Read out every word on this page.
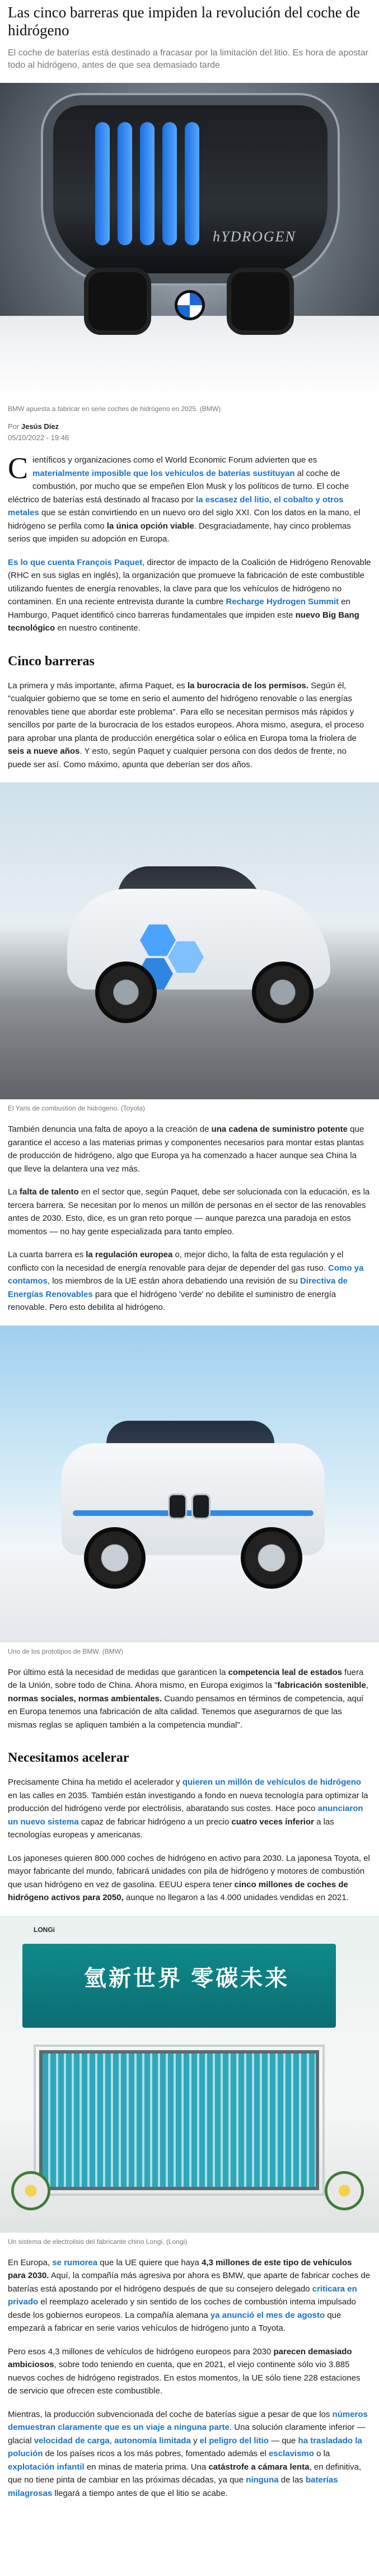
Las cinco barreras que impiden la revolución del coche de hidrógeno
El coche de baterías está destinado a fracasar por la limitación del litio. Es hora de apostar todo al hidrógeno, antes de que sea demasiado tarde
hYDROGEN
BMW apuesta a fabricar en serie coches de hidrógeno en 2025. (BMW)
Por Jesús Díez
05/10/2022 - 19:46

Científicos y organizaciones como el World Economic Forum advierten que es materialmente imposible que los vehículos de baterías sustituyan al coche de combustión, por mucho que se empeñen Elon Musk y los políticos de turno. El coche eléctrico de baterías está destinado al fracaso por la escasez del litio, el cobalto y otros metales que se están convirtiendo en un nuevo oro del siglo XXI. Con los datos en la mano, el hidrógeno se perfila como la única opción viable. Desgraciadamente, hay cinco problemas serios que impiden su adopción en Europa.

Es lo que cuenta François Paquet, director de impacto de la Coalición de Hidrógeno Renovable (RHC en sus siglas en inglés), la organización que promueve la fabricación de este combustible utilizando fuentes de energía renovables, la clave para que los vehículos de hidrógeno no contaminen. En una reciente entrevista durante la cumbre Recharge Hydrogen Summit en Hamburgo, Paquet identificó cinco barreras fundamentales que impiden este nuevo Big Bang tecnológico en nuestro continente.

Cinco barreras

La primera y más importante, afirma Paquet, es la burocracia de los permisos. Según él, "cualquier gobierno que se tome en serio el aumento del hidrógeno renovable o las energías renovables tiene que abordar este problema". Para ello se necesitan permisos más rápidos y sencillos por parte de la burocracia de los estados europeos. Ahora mismo, asegura, el proceso para aprobar una planta de producción energética solar o eólica en Europa toma la friolera de seis a nueve años. Y esto, según Paquet y cualquier persona con dos dedos de frente, no puede ser así. Como máximo, apunta que deberían ser dos años.

El Yaris de combustión de hidrógeno. (Toyota)

También denuncia una falta de apoyo a la creación de una cadena de suministro potente que garantice el acceso a las materias primas y componentes necesarios para montar estas plantas de producción de hidrógeno, algo que Europa ya ha comenzado a hacer aunque sea China la que lleve la delantera una vez más.

La falta de talento en el sector que, según Paquet, debe ser solucionada con la educación, es la tercera barrera. Se necesitan por lo menos un millón de personas en el sector de las renovables antes de 2030. Esto, dice, es un gran reto porque — aunque parezca una paradoja en estos momentos — no hay gente especializada para tanto empleo.

La cuarta barrera es la regulación europea o, mejor dicho, la falta de esta regulación y el conflicto con la necesidad de energía renovable para dejar de depender del gas ruso. Como ya contamos, los miembros de la UE están ahora debatiendo una revisión de su Directiva de Energías Renovables para que el hidrógeno 'verde' no debilite el suministro de energía renovable. Pero esto debilita al hidrógeno.

Uno de los prototipos de BMW. (BMW)

Por último está la necesidad de medidas que garanticen la competencia leal de estados fuera de la Unión, sobre todo de China. Ahora mismo, en Europa exigimos la "fabricación sostenible, normas sociales, normas ambientales. Cuando pensamos en términos de competencia, aquí en Europa tenemos una fabricación de alta calidad. Tenemos que asegurarnos de que las mismas reglas se apliquen también a la competencia mundial".

Necesitamos acelerar

Precisamente China ha metido el acelerador y quieren un millón de vehículos de hidrógeno en las calles en 2035. También están investigando a fondo en nueva tecnología para optimizar la producción del hidrógeno verde por electrólisis, abaratando sus costes. Hace poco anunciaron un nuevo sistema capaz de fabricar hidrógeno a un precio cuatro veces inferior a las tecnologías europeas y americanas.

Los japoneses quieren 800.000 coches de hidrógeno en activo para 2030. La japonesa Toyota, el mayor fabricante del mundo, fabricará unidades con pila de hidrógeno y motores de combustión que usan hidrógeno en vez de gasolina. EEUU espera tener cinco millones de coches de hidrógeno activos para 2050, aunque no llegaron a las 4.000 unidades vendidas en 2021.

LONGi
氫新世界 零碳未来
Un sistema de electrolisis del fabricante chino Longi. (Longi)

En Europa, se rumorea que la UE quiere que haya 4,3 millones de este tipo de vehículos para 2030. Aquí, la compañía más agresiva por ahora es BMW, que aparte de fabricar coches de baterías está apostando por el hidrógeno después de que su consejero delegado criticara en privado el reemplazo acelerado y sin sentido de los coches de combustión interna impulsado desde los gobiernos europeos. La compañía alemana ya anunció el mes de agosto que empezará a fabricar en serie varios vehículos de hidrógeno junto a Toyota.

Pero esos 4,3 millones de vehículos de hidrógeno europeos para 2030 parecen demasiado ambiciosos, sobre todo teniendo en cuenta, que en 2021, el viejo continente sólo vio 3.885 nuevos coches de hidrógeno registrados. En estos momentos, la UE sólo tiene 228 estaciones de servicio que ofrecen este combustible.

Mientras, la producción subvencionada del coche de baterías sigue a pesar de que los números demuestran claramente que es un viaje a ninguna parte. Una solución claramente inferior — glacial velocidad de carga, autonomía limitada y el peligro del litio — que ha trasladado la polución de los países ricos a los más pobres, fomentado además el esclavismo o la explotación infantil en minas de materia prima. Una catástrofe a cámara lenta, en definitiva, que no tiene pinta de cambiar en las próximas décadas, ya que ninguna de las baterías milagrosas llegará a tiempo antes de que el litio se acabe.
